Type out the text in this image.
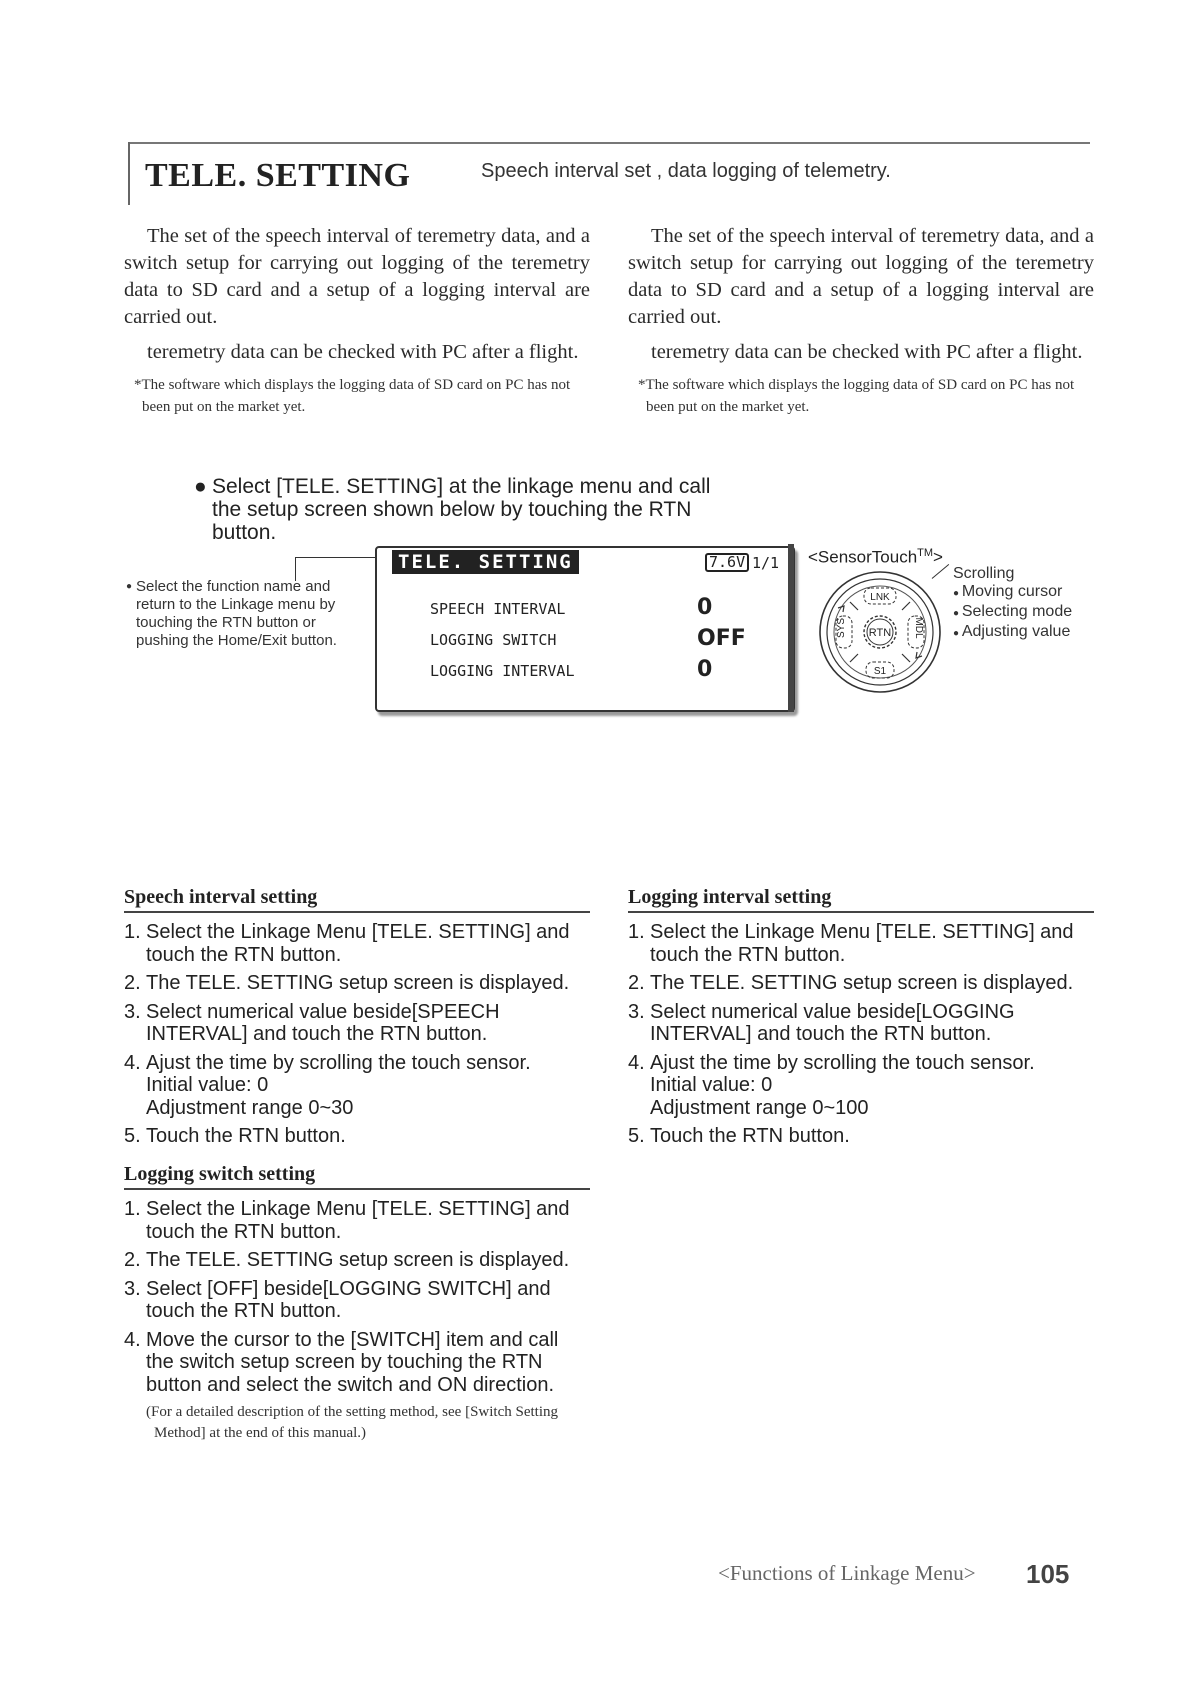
TELE. SETTING	Speech interval set , data logging of telemetry.

The set of the speech interval of teremetry data, and a switch setup for carrying out logging of the teremetry data to SD card and a setup of a logging interval are carried out.

teremetry data can be checked with PC after a flight.

*The software which displays the logging data of SD card on PC has not been put on the market yet.

The set of the speech interval of teremetry data, and a switch setup for carrying out logging of the teremetry data to SD card and a setup of a logging interval are carried out.

teremetry data can be checked with PC after a flight.

*The software which displays the logging data of SD card on PC has not been put on the market yet.

● Select [TELE. SETTING] at the linkage menu and call the setup screen shown below by touching the RTN button.
● Select the function name and return to the Linkage menu by touching the RTN button or pushing the Home/Exit button.
TELE. SETTING	7.6V 1/1
SPEECH INTERVAL	0
LOGGING SWITCH	OFF
LOGGING INTERVAL	0
<SensorTouch™>
RTN
LNK
S1
SYS	MDL
Scrolling
● Moving cursor
● Selecting mode
● Adjusting value
Speech interval setting
1. Select the Linkage Menu [TELE. SETTING] and touch the RTN button.
2. The TELE. SETTING setup screen is displayed.
3. Select numerical value beside[SPEECH INTERVAL] and touch the RTN button.
4. Ajust the time by scrolling the touch sensor.
Initial value: 0
Adjustment range 0~30
5. Touch the RTN button.
Logging switch setting
1. Select the Linkage Menu [TELE. SETTING] and touch the RTN button.
2. The TELE. SETTING setup screen is displayed.
3. Select [OFF] beside[LOGGING SWITCH] and touch the RTN button.
4. Move the cursor to the [SWITCH] item and call the switch setup screen by touching the RTN button and select the switch and ON direction.
(For a detailed description of the setting method, see [Switch Setting Method] at the end of this manual.)
Logging interval setting
1. Select the Linkage Menu [TELE. SETTING] and touch the RTN button.
2. The TELE. SETTING setup screen is displayed.
3. Select numerical value beside[LOGGING INTERVAL] and touch the RTN button.
4. Ajust the time by scrolling the touch sensor.
Initial value: 0
Adjustment range 0~100
5. Touch the RTN button.
<Functions of Linkage Menu> 105
